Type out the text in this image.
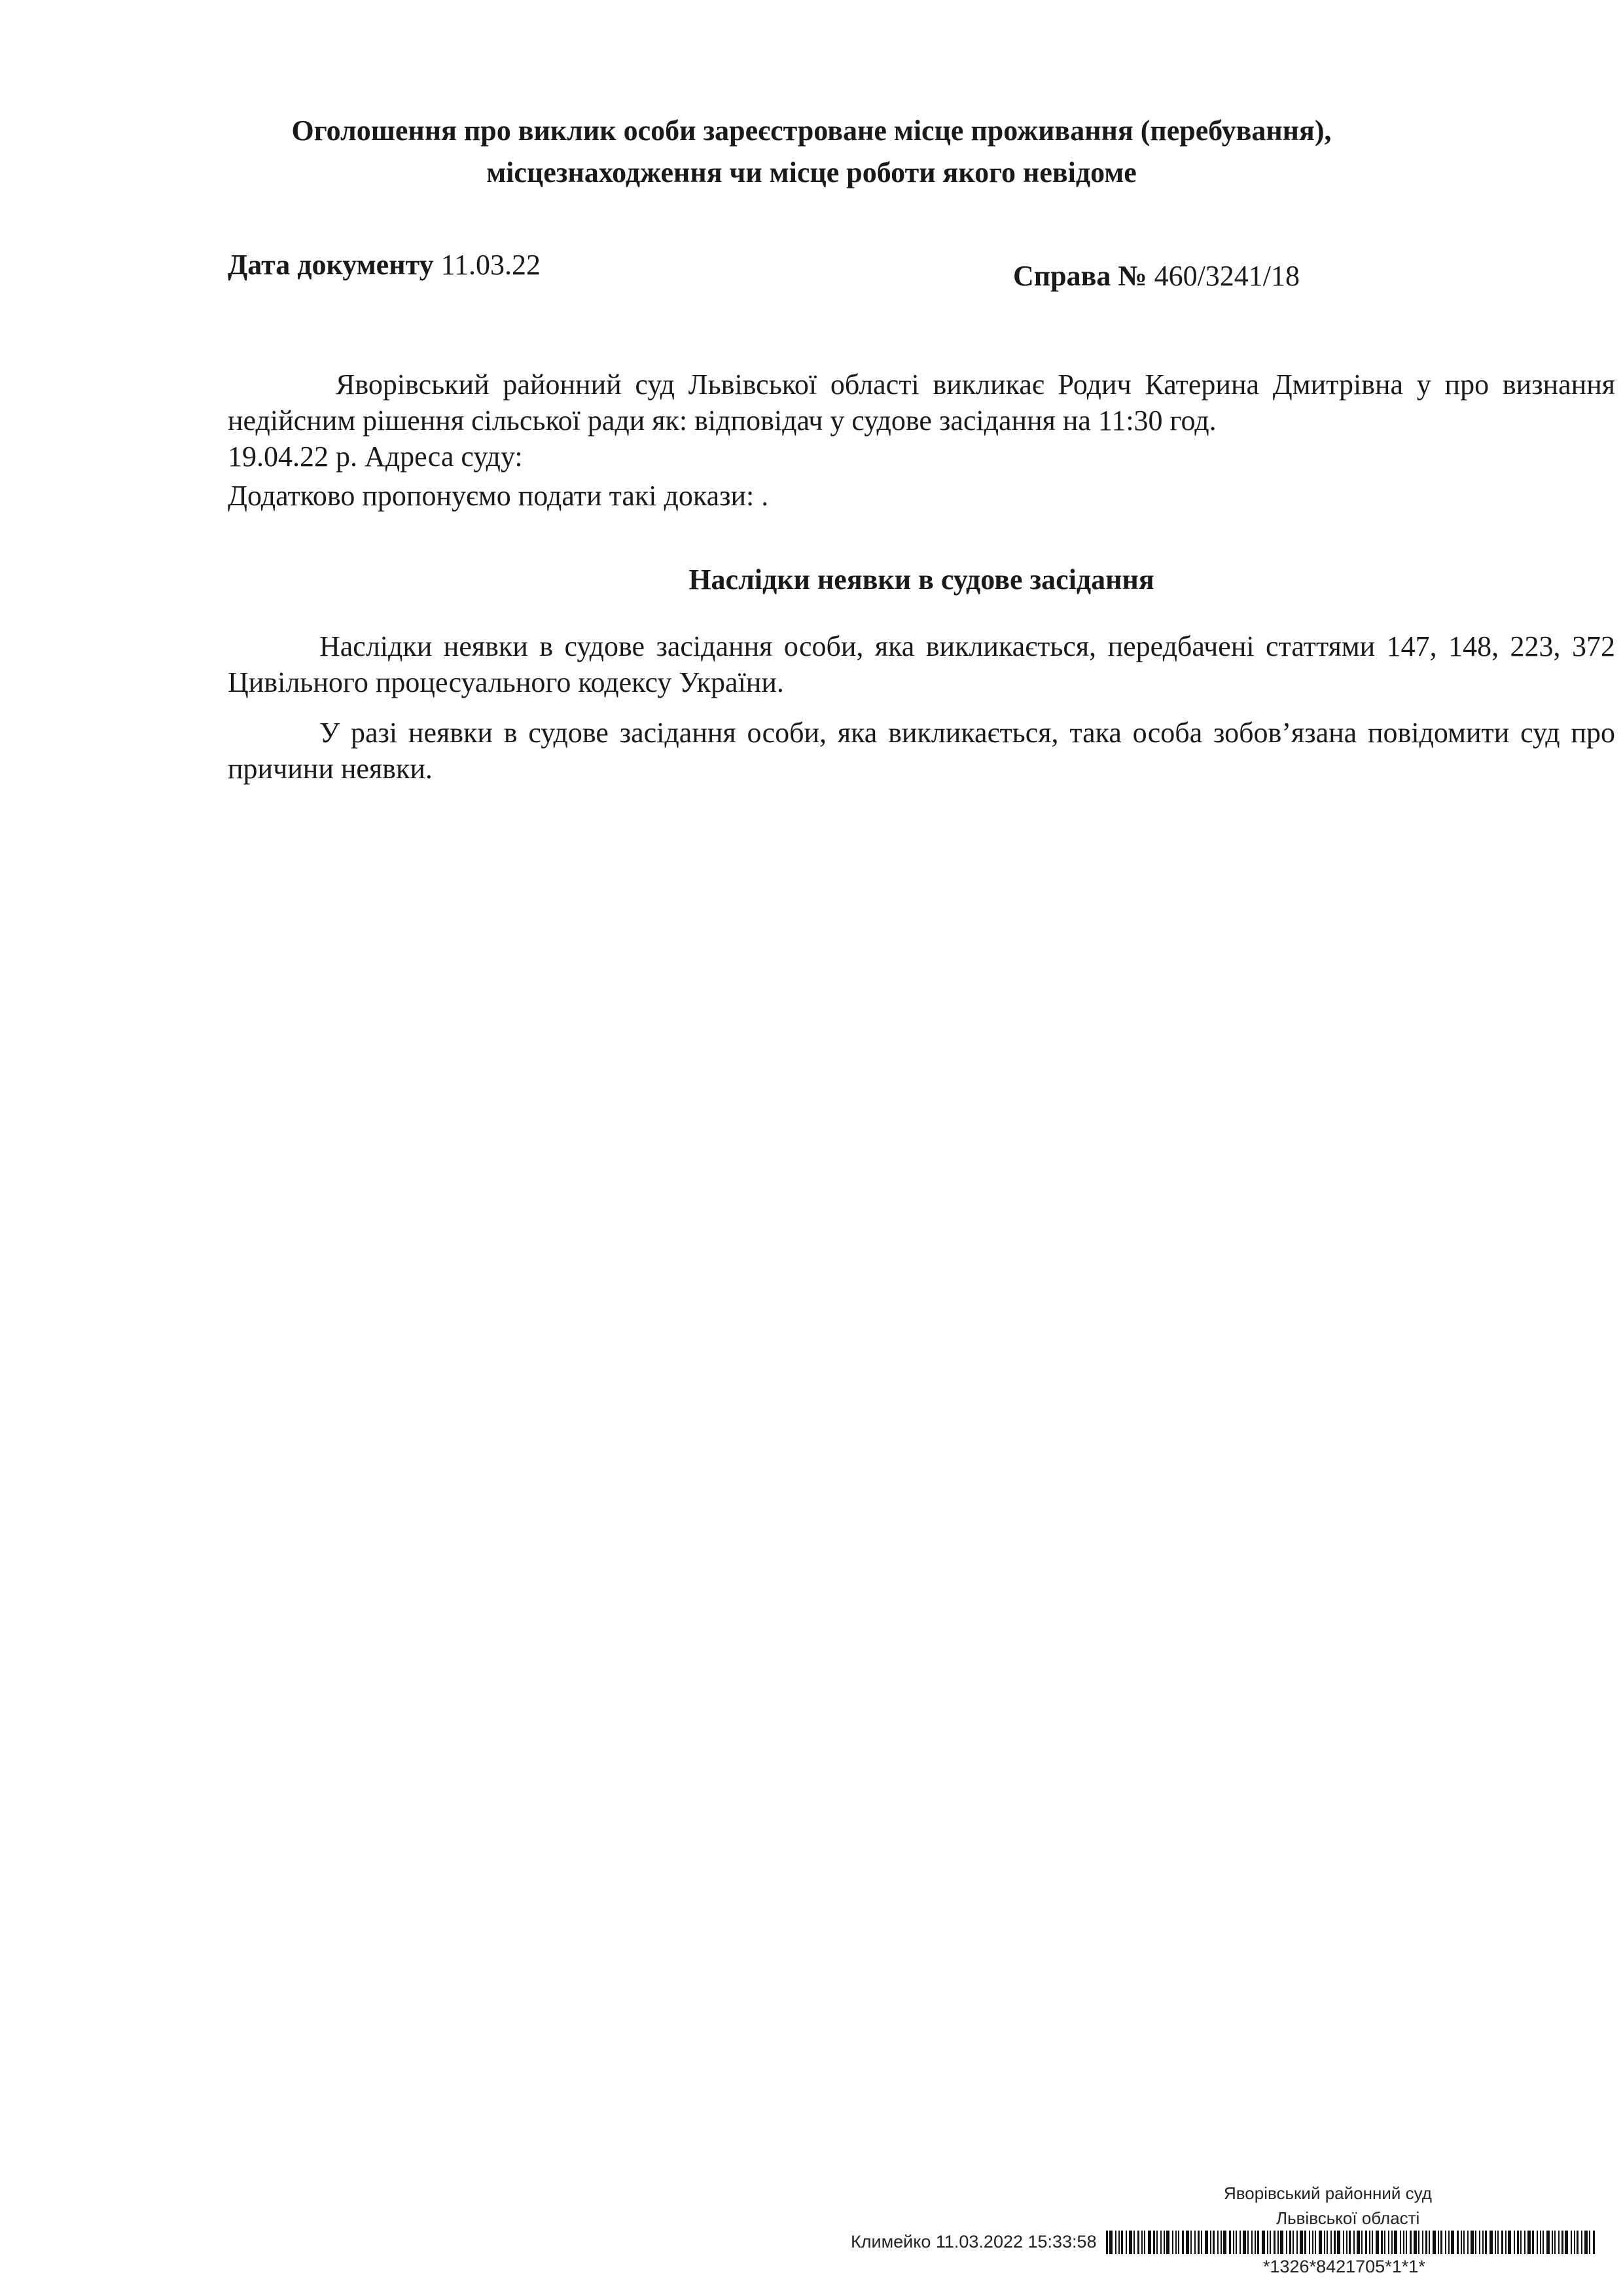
Оголошення про виклик особи зареєстроване місце проживання (перебування),
місцезнаходження чи місце роботи якого невідоме
Дата документу 11.03.22	Справа № 460/3241/18
Яворівський районний суд Львівської області викликає Родич Катерина Дмитрівна у про визнання недійсним рішення сільської ради як: відповідач у судове засідання на 11:30 год.
19.04.22 р. Адреса суду:
Додатково пропонуємо подати такі докази: .
Наслідки неявки в судове засідання
Наслідки неявки в судове засідання особи, яка викликається, передбачені статтями 147, 148, 223, 372 Цивільного процесуального кодексу України.
У разі неявки в судове засідання особи, яка викликається, така особа зобов’язана повідомити суд про причини неявки.
Яворівський районний суд
Львівської області
Климейко 11.03.2022 15:33:58
*1326*8421705*1*1*
